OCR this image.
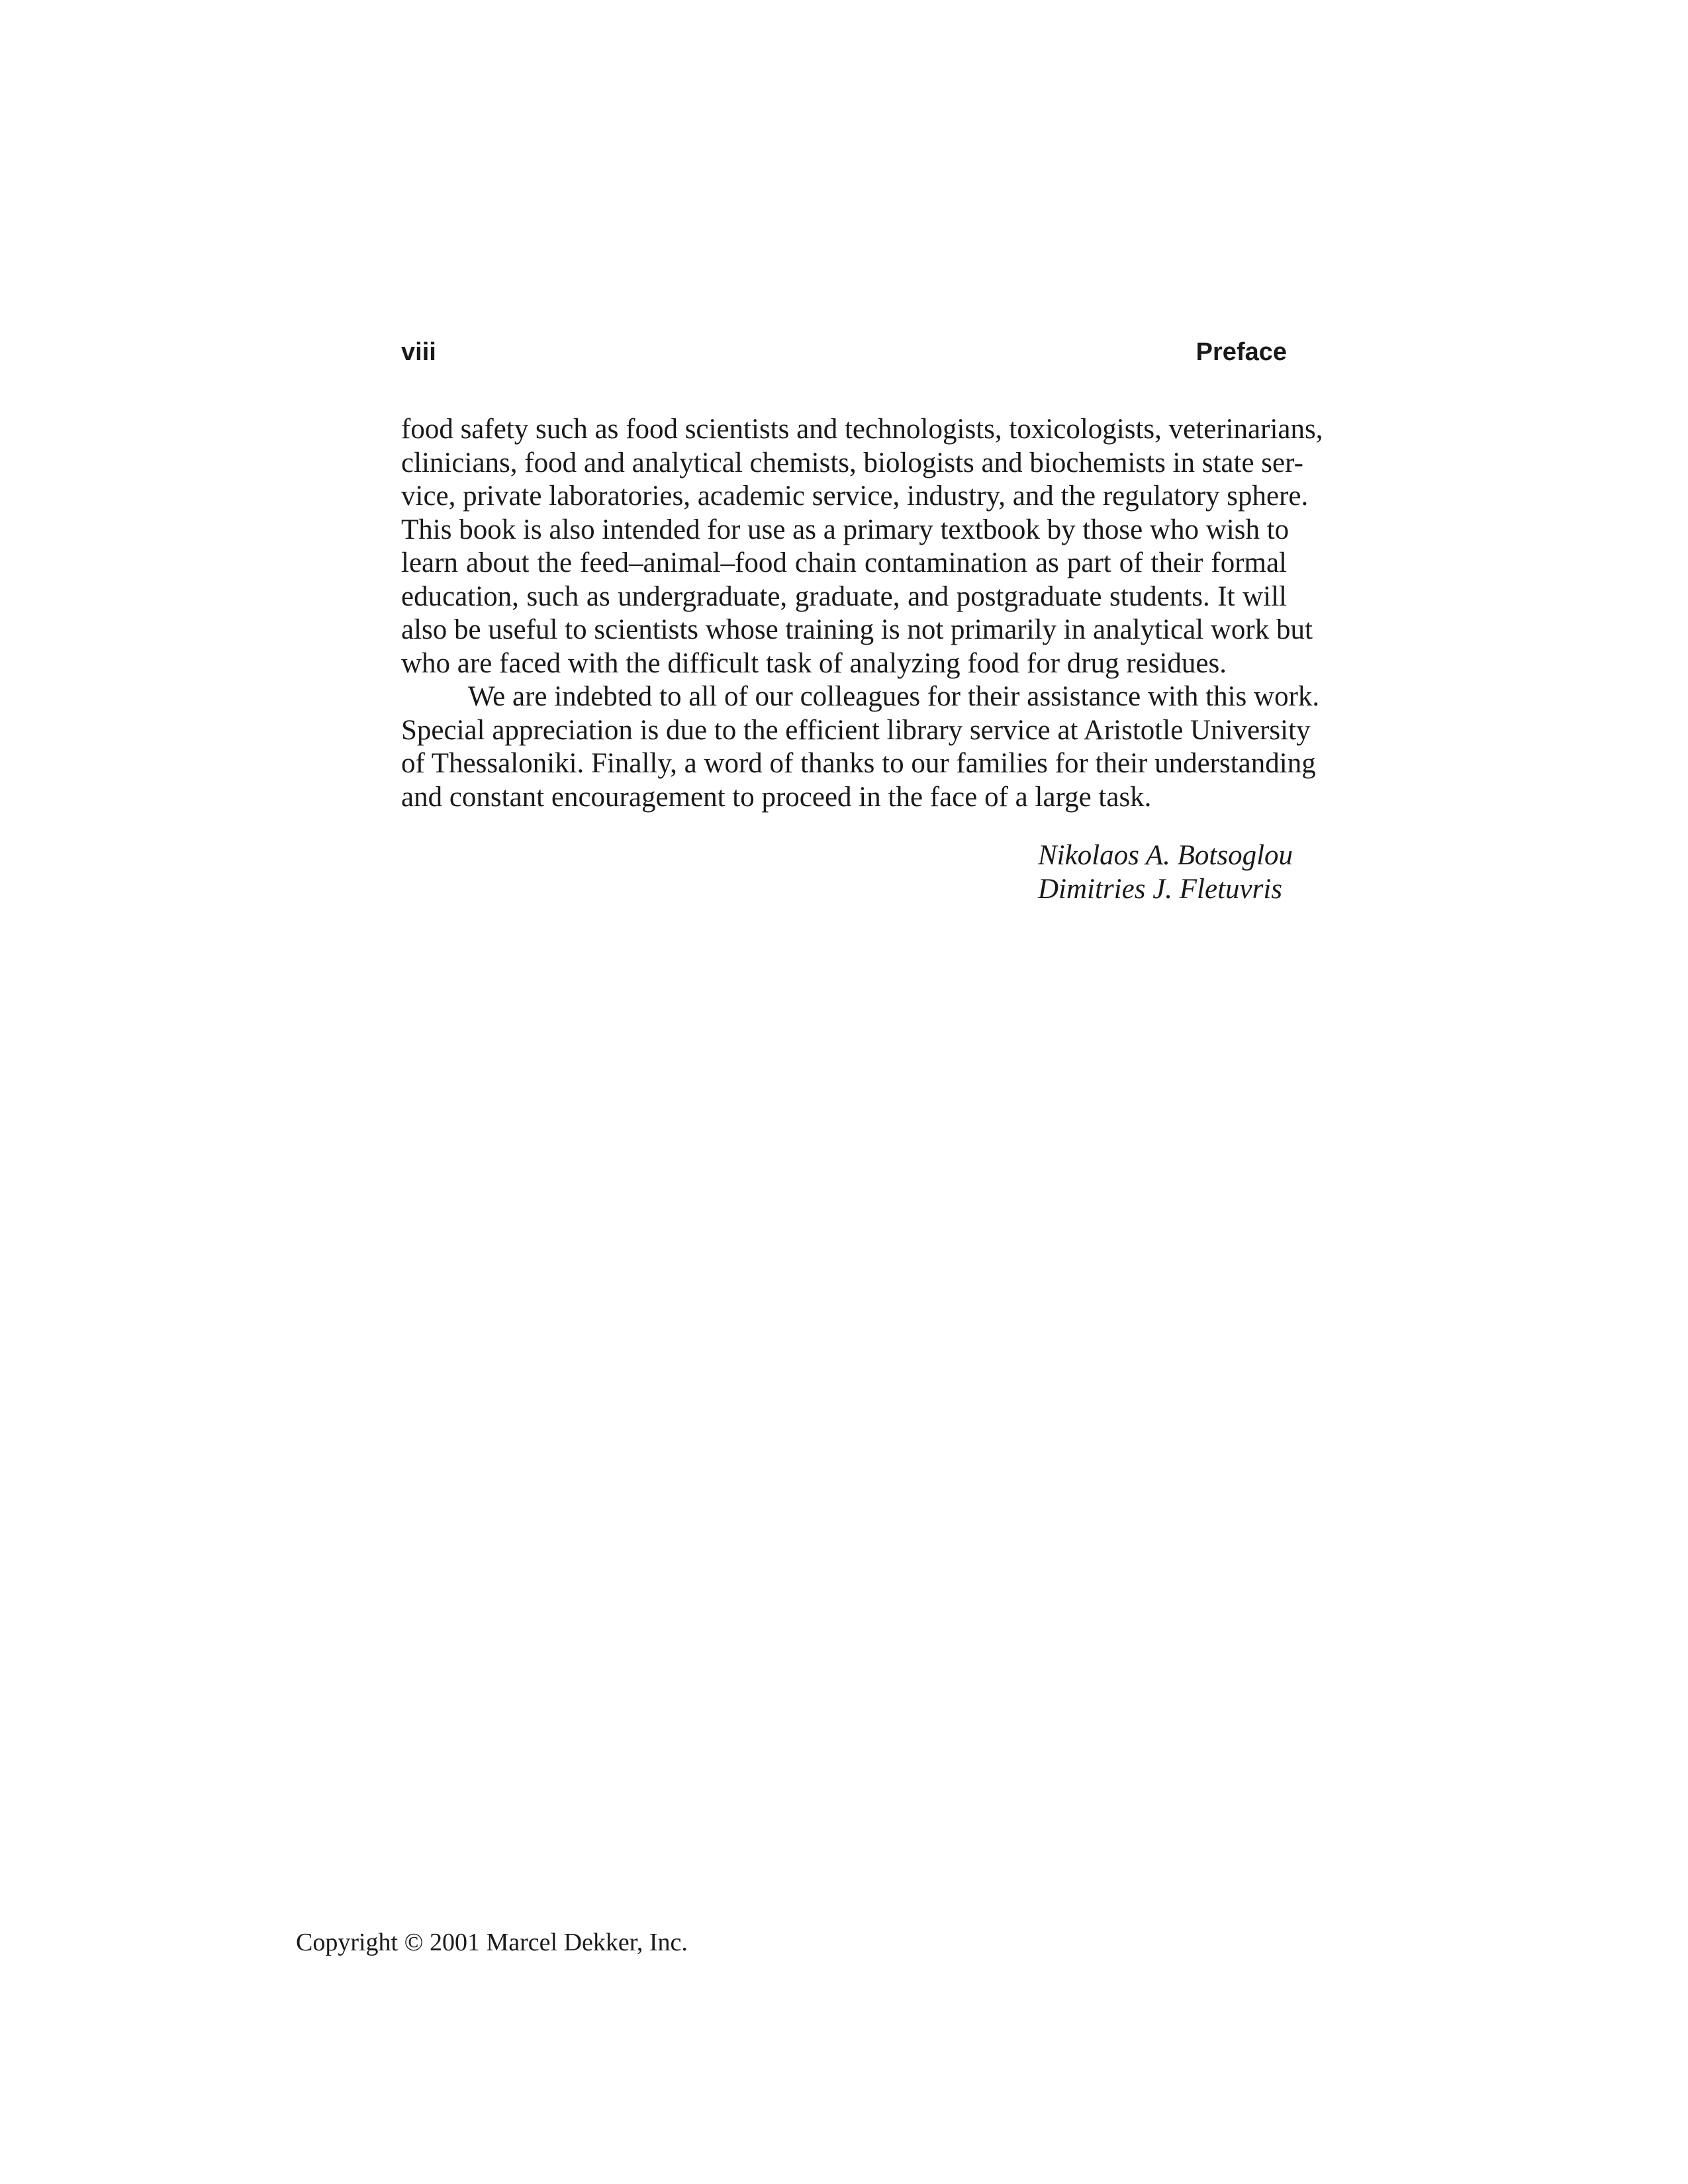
viii	Preface
food safety such as food scientists and technologists, toxicologists, veterinarians,
clinicians, food and analytical chemists, biologists and biochemists in state ser-
vice, private laboratories, academic service, industry, and the regulatory sphere.
This book is also intended for use as a primary textbook by those who wish to
learn about the feed–animal–food chain contamination as part of their formal
education, such as undergraduate, graduate, and postgraduate students. It will
also be useful to scientists whose training is not primarily in analytical work but
who are faced with the difficult task of analyzing food for drug residues.
We are indebted to all of our colleagues for their assistance with this work.
Special appreciation is due to the efficient library service at Aristotle University
of Thessaloniki. Finally, a word of thanks to our families for their understanding
and constant encouragement to proceed in the face of a large task.
Nikolaos A. Botsoglou
Dimitries J. Fletuvris
Copyright © 2001 Marcel Dekker, Inc.
